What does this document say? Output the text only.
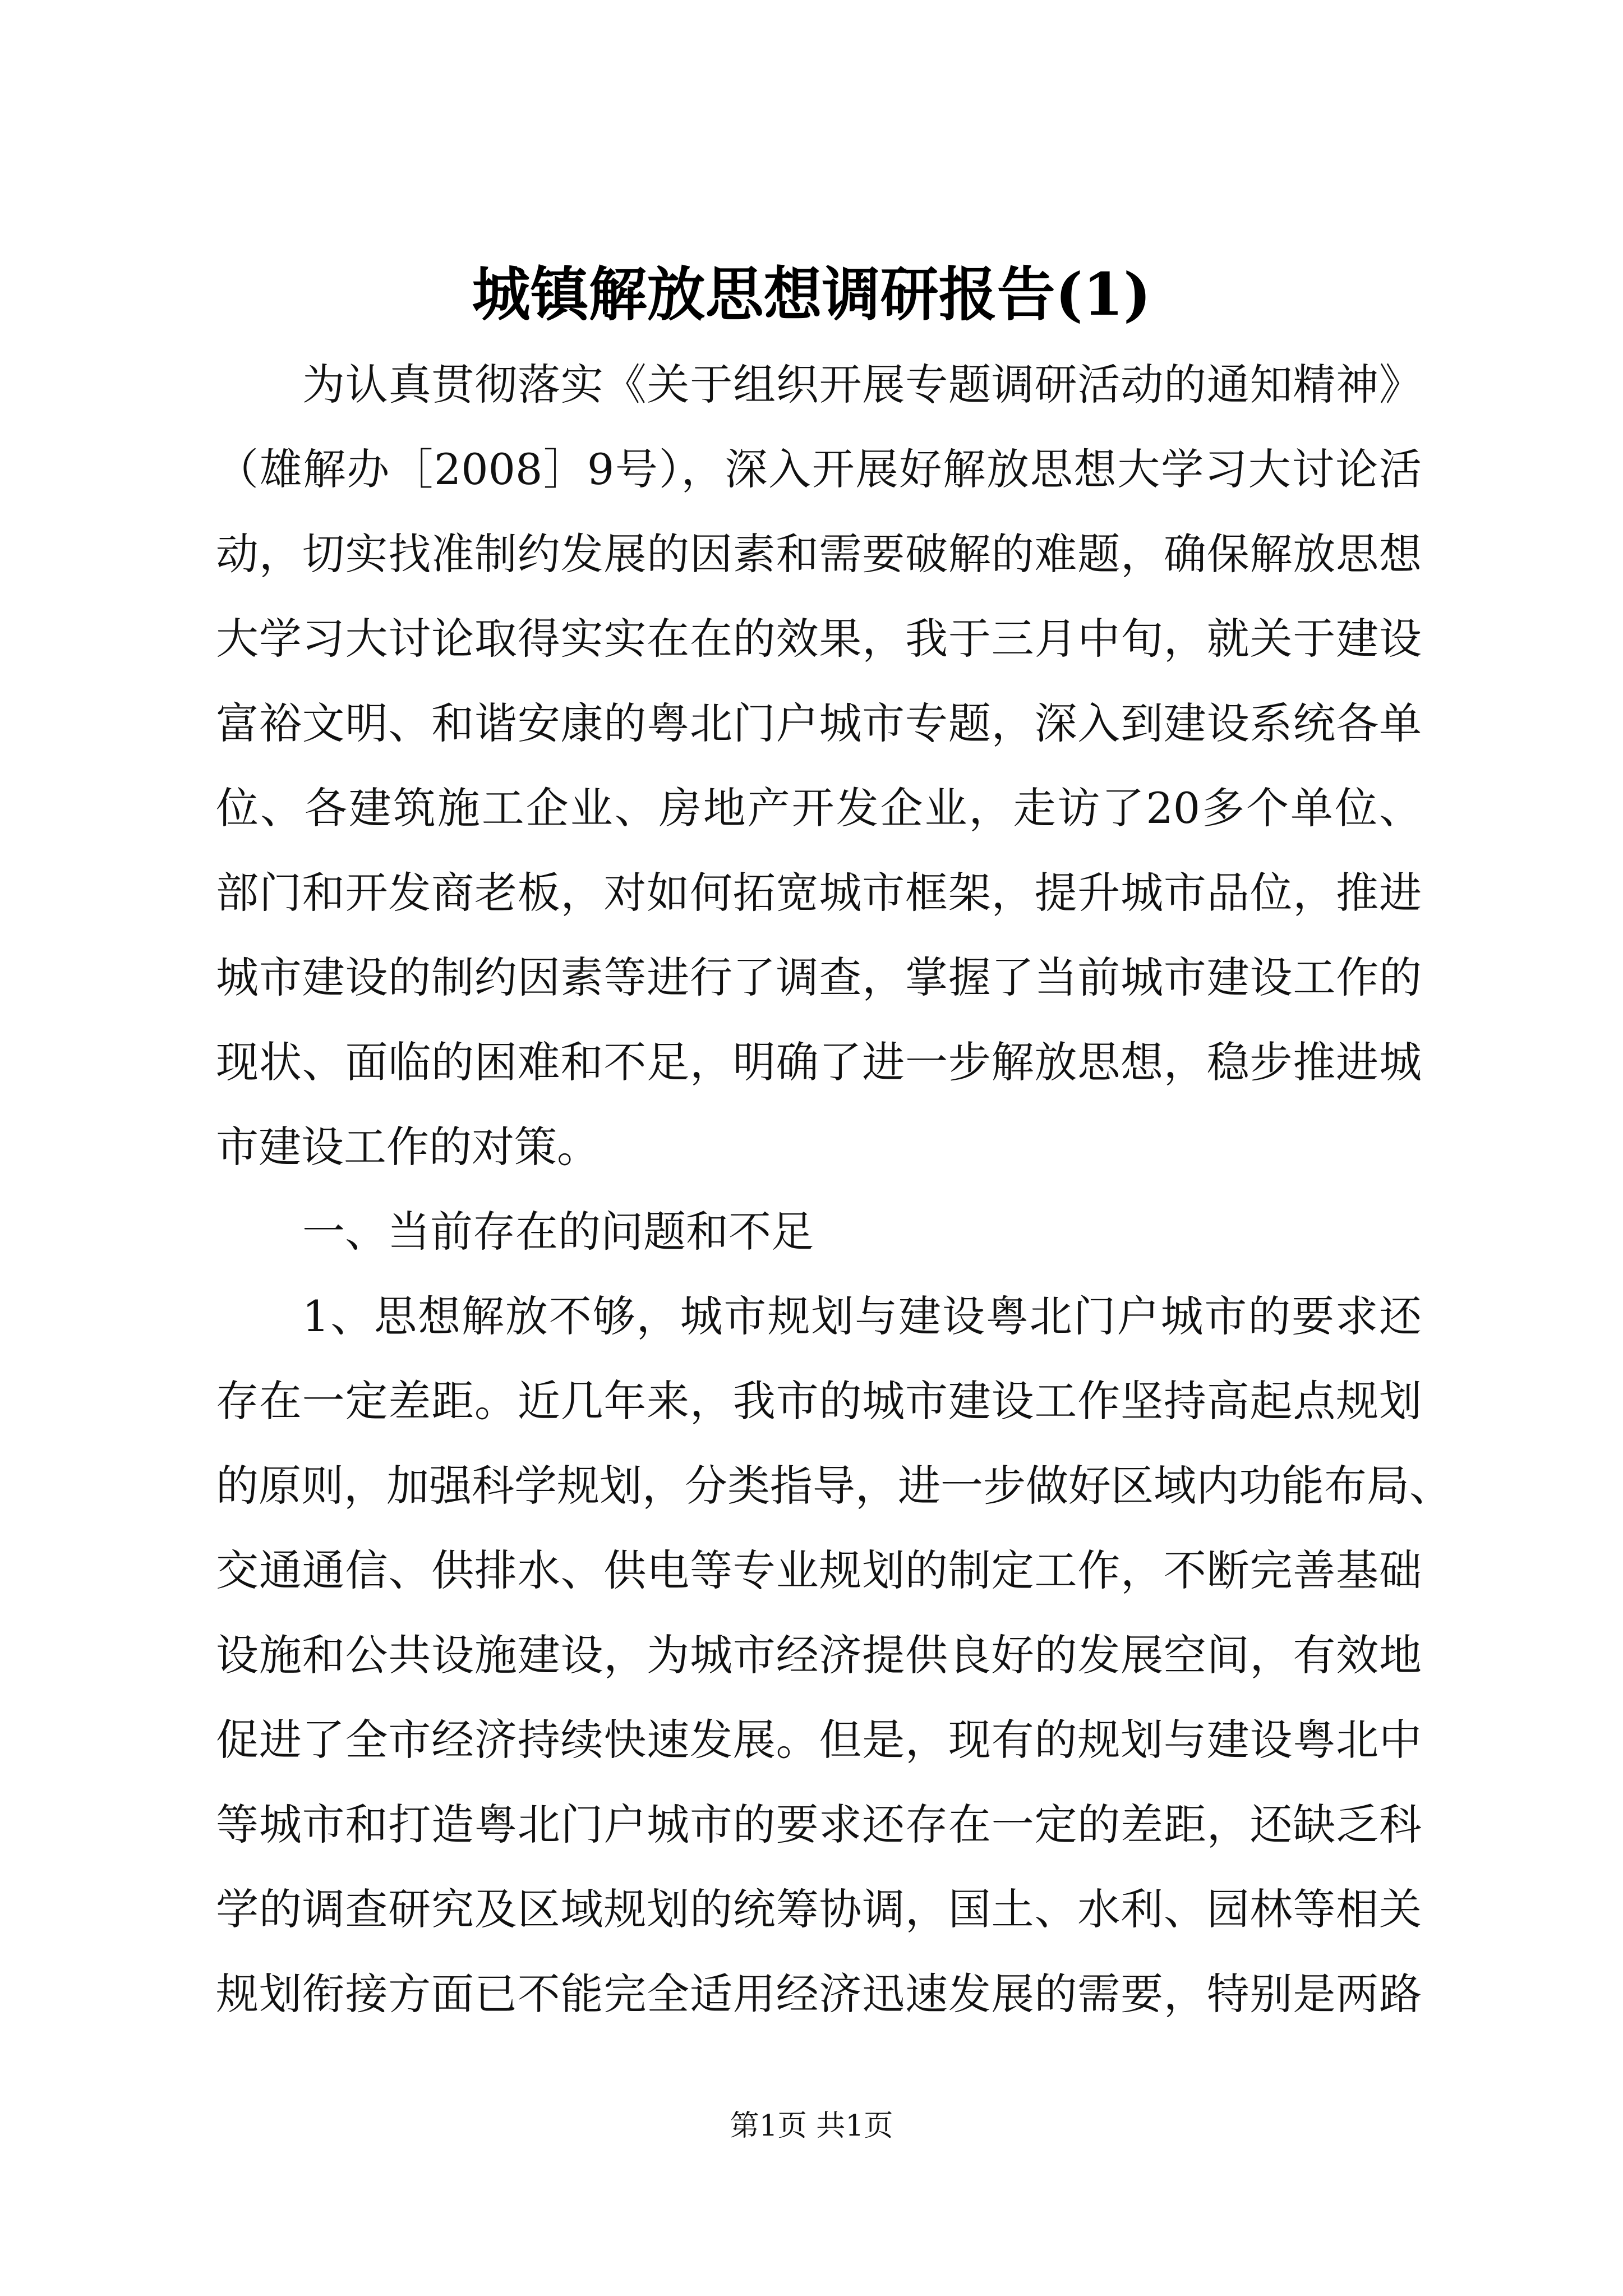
城镇解放思想调研报告(1)
为认真贯彻落实《关于组织开展专题调研活动的通知精神》
（雄解办［2008］9号），深入开展好解放思想大学习大讨论活
动，切实找准制约发展的因素和需要破解的难题，确保解放思想
大学习大讨论取得实实在在的效果，我于三月中旬，就关于建设
富裕文明、和谐安康的粤北门户城市专题，深入到建设系统各单
位、各建筑施工企业、房地产开发企业，走访了20多个单位、
部门和开发商老板，对如何拓宽城市框架，提升城市品位，推进
城市建设的制约因素等进行了调查，掌握了当前城市建设工作的
现状、面临的困难和不足，明确了进一步解放思想，稳步推进城
市建设工作的对策。
一、当前存在的问题和不足
1、思想解放不够，城市规划与建设粤北门户城市的要求还
存在一定差距。近几年来，我市的城市建设工作坚持高起点规划
的原则，加强科学规划，分类指导，进一步做好区域内功能布局、
交通通信、供排水、供电等专业规划的制定工作，不断完善基础
设施和公共设施建设，为城市经济提供良好的发展空间，有效地
促进了全市经济持续快速发展。但是，现有的规划与建设粤北中
等城市和打造粤北门户城市的要求还存在一定的差距，还缺乏科
学的调查研究及区域规划的统筹协调，国土、水利、园林等相关
规划衔接方面已不能完全适用经济迅速发展的需要，特别是两路
第1页 共1页
